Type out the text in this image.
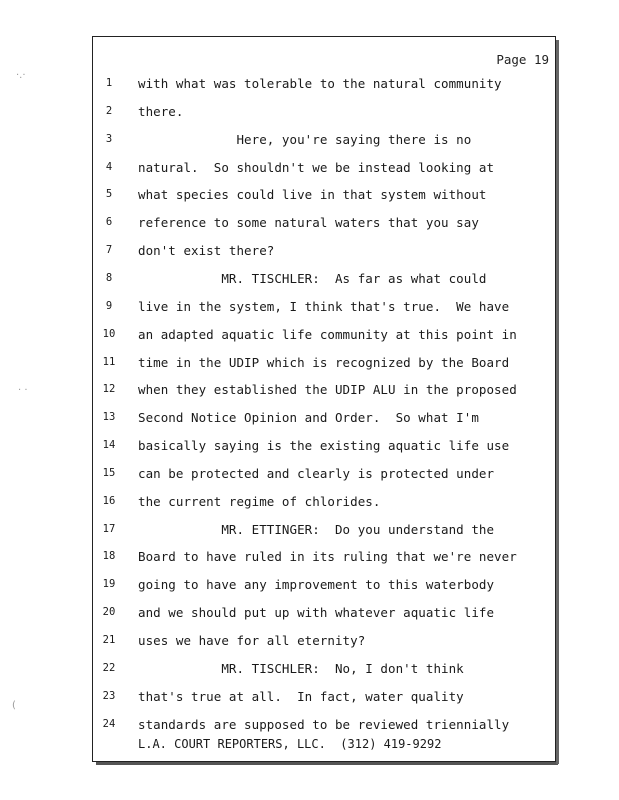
Page 19
1	with what was tolerable to the natural community
2	there.
3	Here, you're saying there is no
4	natural.  So shouldn't we be instead looking at
5	what species could live in that system without
6	reference to some natural waters that you say
7	don't exist there?
8	MR. TISCHLER:  As far as what could
9	live in the system, I think that's true.  We have
10 an adapted aquatic life community at this point in
11 time in the UDIP which is recognized by the Board
12 when they established the UDIP ALU in the proposed
13 Second Notice Opinion and Order.  So what I'm
14 basically saying is the existing aquatic life use
15 can be protected and clearly is protected under
16 the current regime of chlorides.
17 MR. ETTINGER:  Do you understand the
18 Board to have ruled in its ruling that we're never
19 going to have any improvement to this waterbody
20 and we should put up with whatever aquatic life
21 uses we have for all eternity?
22 MR. TISCHLER:  No, I don't think
23 that's true at all.  In fact, water quality
24 standards are supposed to be reviewed triennially
L.A. COURT REPORTERS, LLC.  (312) 419-9292
·.·
· ·
(
